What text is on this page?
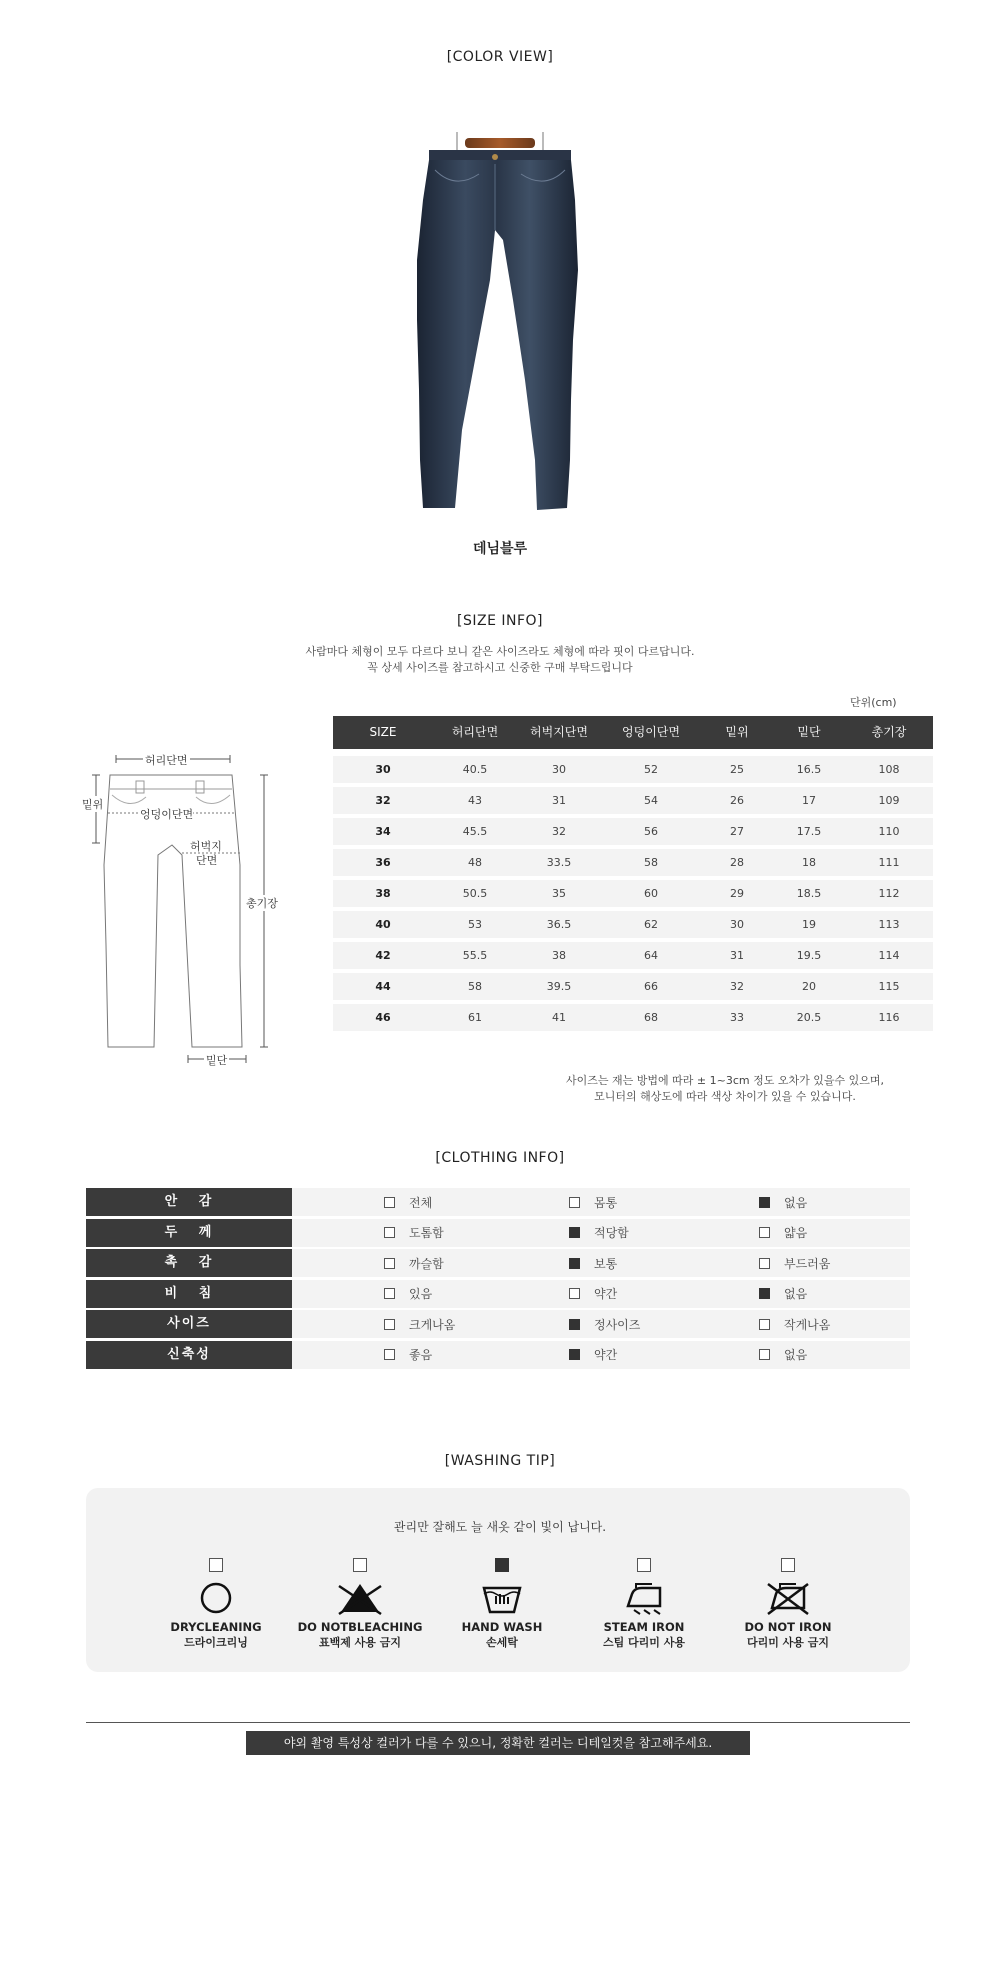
[COLOR VIEW]
데님블루
[SIZE INFO]
사람마다 체형이 모두 다르다 보니 같은 사이즈라도 체형에 따라 핏이 다르답니다.
꼭 상세 사이즈를 참고하시고 신중한 구매 부탁드립니다
단위(cm)
허리단면
밑위
엉덩이단면
허벅지
단면
총기장
밑단
SIZE	허리단면	허벅지단면	엉덩이단면	밑위	밑단	총기장
30	40.5	30	52	25	16.5	108
32	43	31	54	26	17	109
34	45.5	32	56	27	17.5	110
36	48	33.5	58	28	18	111
38	50.5	35	60	29	18.5	112
40	53	36.5	62	30	19	113
42	55.5	38	64	31	19.5	114
44	58	39.5	66	32	20	115
46	61	41	68	33	20.5	116
사이즈는 재는 방법에 따라 ± 1~3cm 정도 오차가 있을수 있으며,
모니터의 해상도에 따라 색상 차이가 있을 수 있습니다.
[CLOTHING INFO]
안   감	전체	몸통	없음
두   께	도톰함	적당함	얇음
촉   감	까슬함	보통	부드러움
비   침	있음	약간	없음
사이즈	크게나옴	정사이즈	작게나옴
신축성	좋음	약간	없음
[WASHING TIP]
관리만 잘해도 늘 새옷 같이 빛이 납니다.
DRYCLEANING
드라이크리닝
DO NOTBLEACHING
표백제 사용 금지
HAND WASH
손세탁
STEAM IRON
스팀 다리미 사용
DO NOT IRON
다리미 사용 금지
야외 촬영 특성상 컬러가 다를 수 있으니, 정확한 컬러는 디테일컷을 참고해주세요.
